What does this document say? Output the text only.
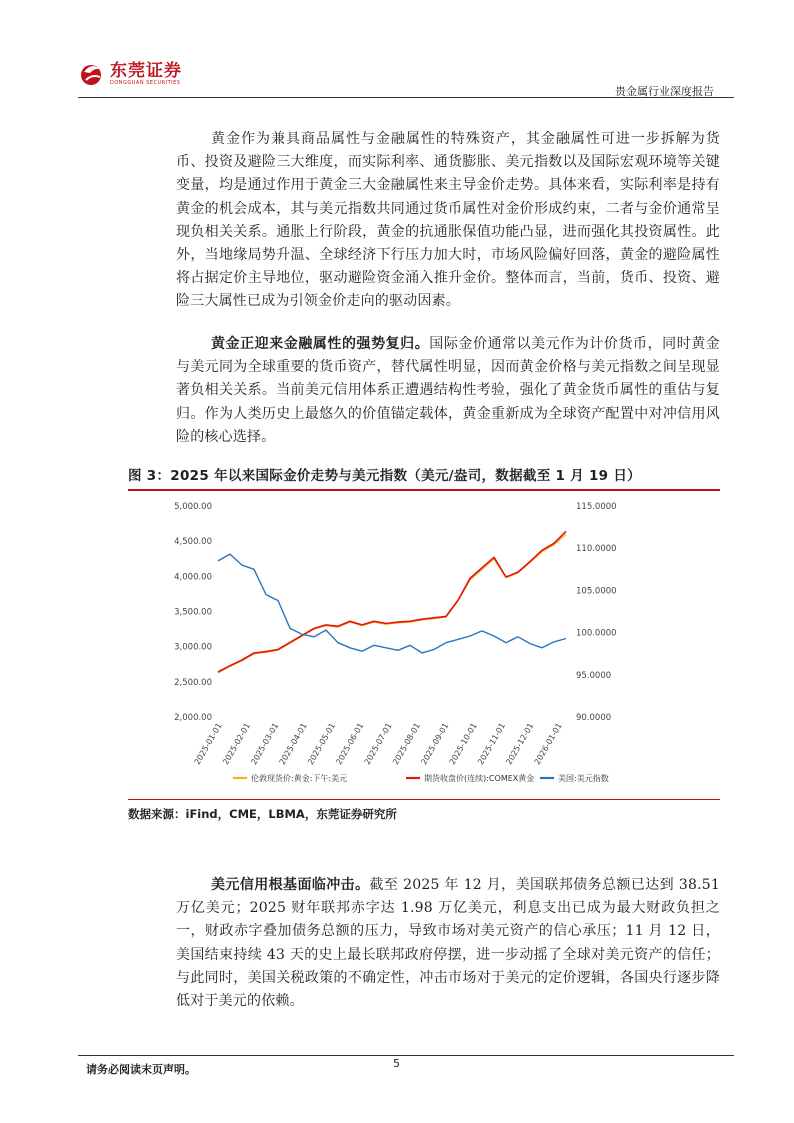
东莞证券
DONGGUAN SECURITIES
贵金属行业深度报告
黄金作为兼具商品属性与金融属性的特殊资产，其金融属性可进一步拆解为货币、投资及避险三大维度，而实际利率、通货膨胀、美元指数以及国际宏观环境等关键变量，均是通过作用于黄金三大金融属性来主导金价走势。具体来看，实际利率是持有黄金的机会成本，其与美元指数共同通过货币属性对金价形成约束，二者与金价通常呈现负相关关系。通胀上行阶段，黄金的抗通胀保值功能凸显，进而强化其投资属性。此外，当地缘局势升温、全球经济下行压力加大时，市场风险偏好回落，黄金的避险属性将占据定价主导地位，驱动避险资金涌入推升金价。整体而言，当前，货币、投资、避险三大属性已成为引领金价走向的驱动因素。
黄金正迎来金融属性的强势复归。国际金价通常以美元作为计价货币，同时黄金与美元同为全球重要的货币资产，替代属性明显，因而黄金价格与美元指数之间呈现显著负相关关系。当前美元信用体系正遭遇结构性考验，强化了黄金货币属性的重估与复归。作为人类历史上最悠久的价值锚定载体，黄金重新成为全球资产配置中对冲信用风险的核心选择。
图 3：2025 年以来国际金价走势与美元指数（美元/盎司，数据截至 1 月 19 日）
2,000.00
2,500.00
3,000.00
3,500.00
4,000.00
4,500.00
5,000.00
90.0000
95.0000
100.0000
105.0000
110.0000
115.0000
2025-01-01
2025-02-01
2025-03-01
2025-04-01
2025-05-01
2025-06-01
2025-07-01
2025-08-01
2025-09-01
2025-10-01
2025-11-01
2025-12-01
2026-01-01
伦敦现货价:黄金:下午:美元	期货收盘价(连续):COMEX黄金	美国:美元指数
数据来源：iFind，CME，LBMA，东莞证券研究所
美元信用根基面临冲击。截至 2025 年 12 月，美国联邦债务总额已达到 38.51 万亿美元；2025 财年联邦赤字达 1.98 万亿美元，利息支出已成为最大财政负担之一，财政赤字叠加债务总额的压力，导致市场对美元资产的信心承压；11 月 12 日，美国结束持续 43 天的史上最长联邦政府停摆，进一步动摇了全球对美元资产的信任；与此同时，美国关税政策的不确定性，冲击市场对于美元的定价逻辑，各国央行逐步降低对于美元的依赖。
请务必阅读末页声明。	5
